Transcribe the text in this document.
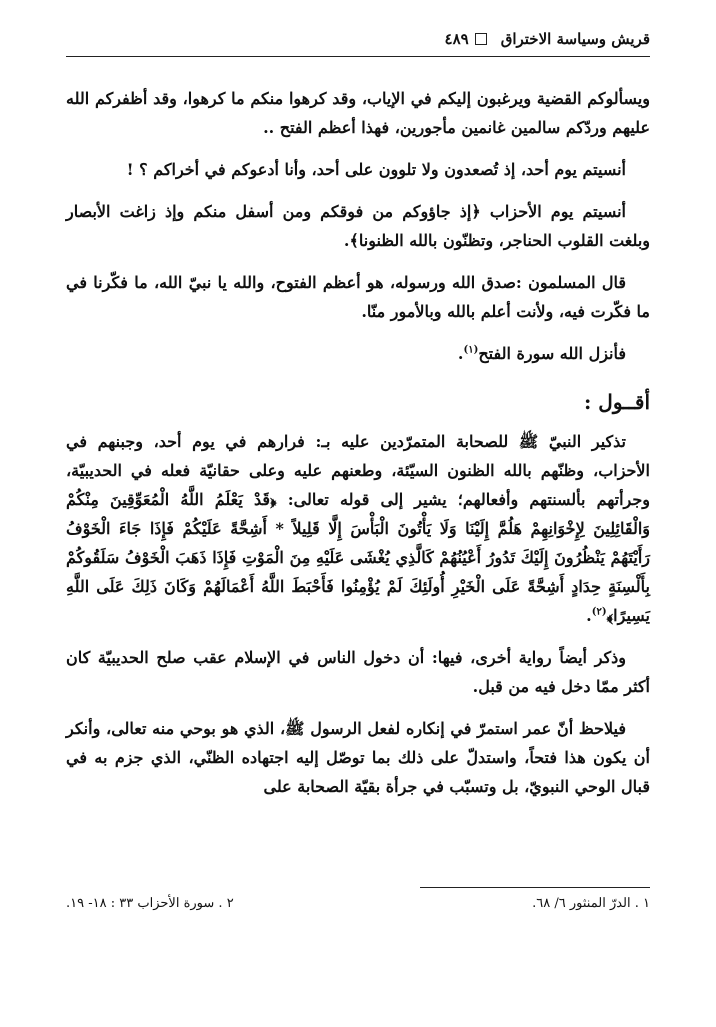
قريش وسياسة الاختراق
٤٨٩

ويسألوكم القضية ويرغبون إليكم في الإياب، وقد كرهوا منكم ما كرهوا، وقد أظفركم الله عليهم وردّكم سالمين غانمين مأجورين، فهذا أعظم الفتح ..

أنسيتم يوم أحد، إذ تُصعدون ولا تلوون على أحد، وأنا أدعوكم في أخراكم ؟ !

أنسيتم يوم الأحزاب ﴿إذ جاؤوكم من فوقكم ومن أسفل منكم وإذ زاغت الأبصار وبلغت القلوب الحناجر، وتظنّون بالله الظنونا﴾.

قال المسلمون :صدق الله ورسوله، هو أعظم الفتوح، والله يا نبيّ الله، ما فكّرنا في ما فكّرت فيه، ولأنت أعلم بالله وبالأمور منّا.

فأنزل الله سورة الفتح$^{(١)}$.

أقــول :

تذكير النبيّ ﷺ للصحابة المتمرّدين عليه بـ: فرارهم في يوم أحد، وجبنهم في الأحزاب، وظنّهم بالله الظنون السيّئة، وطعنهم عليه وعلى حقانيّة فعله في الحديبيّة، وجرأتهم بألسنتهم وأفعالهم؛ يشير إلى قوله تعالى: ﴿قَدْ يَعْلَمُ اللَّهُ الْمُعَوِّقِينَ مِنْكُمْ وَالْقَائِلِينَ لِإِخْوَانِهِمْ هَلُمَّ إِلَيْنَا وَلَا يَأْتُونَ الْبَأْسَ إِلَّا قَلِيلاً * أَشِحَّةً عَلَيْكُمْ فَإِذَا جَاءَ الْخَوْفُ رَأَيْتَهُمْ يَنْظُرُونَ إِلَيْكَ تَدُورُ أَعْيُنُهُمْ كَالَّذِي يُغْشَى عَلَيْهِ مِنَ الْمَوْتِ فَإِذَا ذَهَبَ الْخَوْفُ سَلَقُوكُمْ بِأَلْسِنَةٍ حِدَادٍ أَشِحَّةً عَلَى الْخَيْرِ أُولَئِكَ لَمْ يُؤْمِنُوا فَأَحْبَطَ اللَّهُ أَعْمَالَهُمْ وَكَانَ ذَلِكَ عَلَى اللَّهِ يَسِيرًا﴾$^{(٢)}$.

وذكر أيضاً رواية أخرى، فيها: أن دخول الناس في الإسلام عقب صلح الحديبيّة كان أكثر ممّا دخل فيه من قبل.

فيلاحظ أنّ عمر استمرّ في إنكاره لفعل الرسول ﷺ، الذي هو بوحي منه تعالى، وأنكر أن يكون هذا فتحاً، واستدلّ على ذلك بما توصّل إليه اجتهاده الظنّي، الذي جزم به في قبال الوحي النبويّ، بل وتسبّب في جرأة بقيّة الصحابة على

١ . الدرّ المنثور ٦/ ٦٨.
٢ . سورة الأحزاب ٣٣ : ١٨- ١٩.
